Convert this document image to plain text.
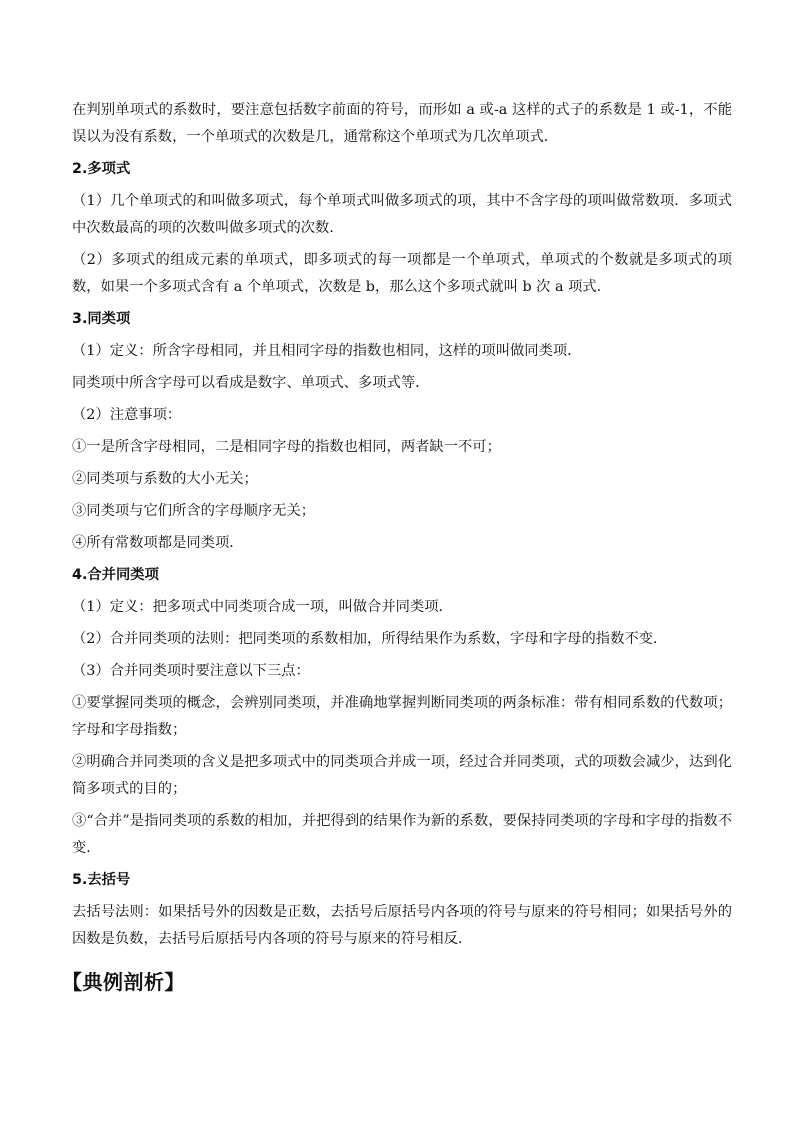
在判别单项式的系数时，要注意包括数字前面的符号，而形如 a 或-a 这样的式子的系数是 1 或-1，不能误以为没有系数，一个单项式的次数是几，通常称这个单项式为几次单项式．

2.多项式

（1）几个单项式的和叫做多项式，每个单项式叫做多项式的项，其中不含字母的项叫做常数项．多项式中次数最高的项的次数叫做多项式的次数．

（2）多项式的组成元素的单项式，即多项式的每一项都是一个单项式，单项式的个数就是多项式的项数，如果一个多项式含有 a 个单项式，次数是 b，那么这个多项式就叫 b 次 a 项式．

3.同类项

（1）定义：所含字母相同，并且相同字母的指数也相同，这样的项叫做同类项．

同类项中所含字母可以看成是数字、单项式、多项式等．

（2）注意事项：

①一是所含字母相同，二是相同字母的指数也相同，两者缺一不可；

②同类项与系数的大小无关；

③同类项与它们所含的字母顺序无关；

④所有常数项都是同类项．

4.合并同类项

（1）定义：把多项式中同类项合成一项，叫做合并同类项．

（2）合并同类项的法则：把同类项的系数相加，所得结果作为系数，字母和字母的指数不变．

（3）合并同类项时要注意以下三点：

①要掌握同类项的概念，会辨别同类项，并准确地掌握判断同类项的两条标准：带有相同系数的代数项；字母和字母指数；

②明确合并同类项的含义是把多项式中的同类项合并成一项，经过合并同类项，式的项数会减少，达到化简多项式的目的；

③“合并”是指同类项的系数的相加，并把得到的结果作为新的系数，要保持同类项的字母和字母的指数不变．

5.去括号

去括号法则：如果括号外的因数是正数，去括号后原括号内各项的符号与原来的符号相同；如果括号外的因数是负数，去括号后原括号内各项的符号与原来的符号相反．

【典例剖析】
